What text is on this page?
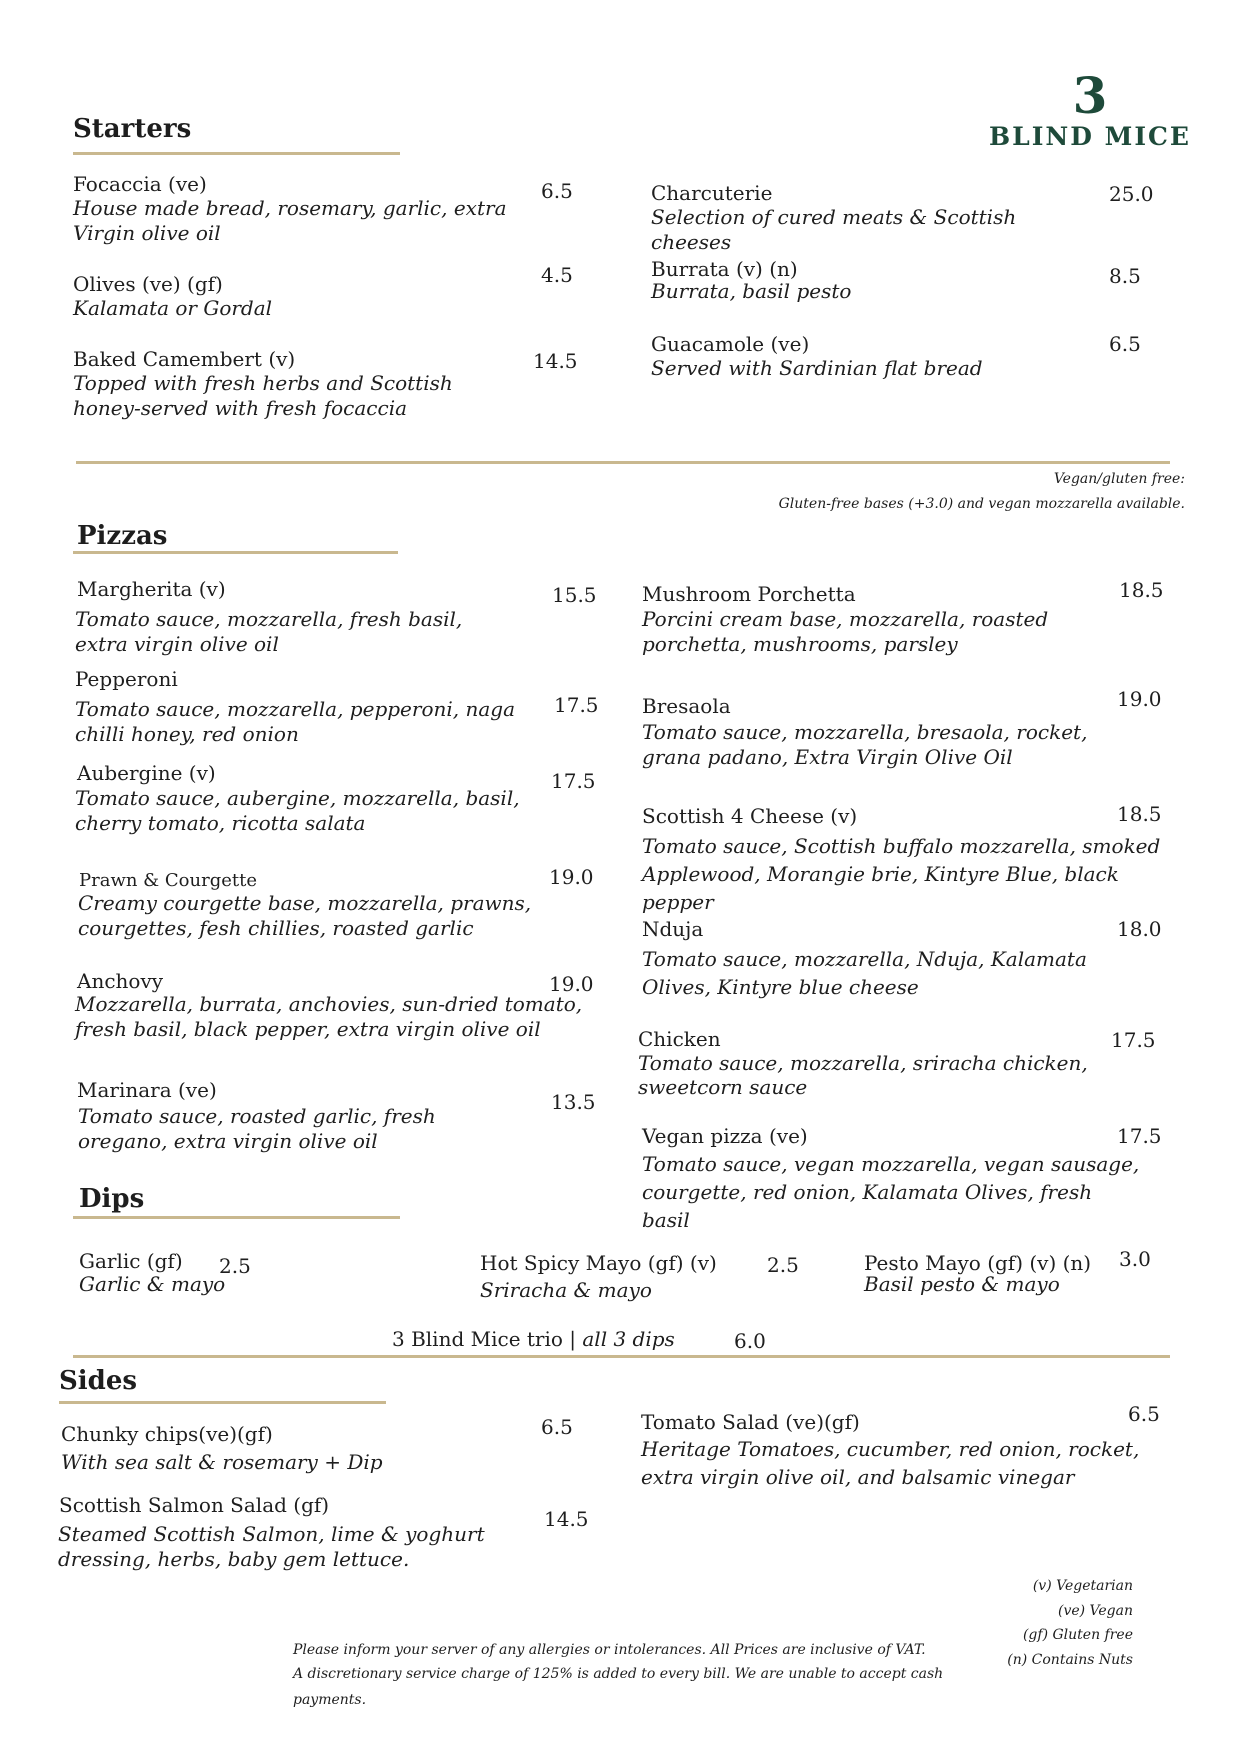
3
BLIND MICE
Starters
Focaccia (ve)
House made bread, rosemary, garlic, extra Virgin olive oil
6.5
Olives (ve) (gf)
Kalamata or Gordal
4.5
Baked Camembert (v)
Topped with fresh herbs and Scottish honey-served with fresh focaccia
14.5
Charcuterie
Selection of cured meats & Scottish cheeses
25.0
Burrata (v) (n)
Burrata, basil pesto
8.5
Guacamole (ve)
Served with Sardinian flat bread
6.5
Vegan/gluten free:
Gluten-free bases (+3.0) and vegan mozzarella available.
Pizzas
Margherita (v)
Tomato sauce, mozzarella, fresh basil, extra virgin olive oil
15.5
Pepperoni
Tomato sauce, mozzarella, pepperoni, naga chilli honey, red onion
17.5
Aubergine (v)
Tomato sauce, aubergine, mozzarella, basil, cherry tomato, ricotta salata
17.5
Prawn & Courgette
Creamy courgette base, mozzarella, prawns, courgettes, fesh chillies, roasted garlic
19.0
Anchovy
Mozzarella, burrata, anchovies, sun-dried tomato, fresh basil, black pepper, extra virgin olive oil
19.0
Marinara (ve)
Tomato sauce, roasted garlic, fresh oregano, extra virgin olive oil
13.5
Mushroom Porchetta
Porcini cream base, mozzarella, roasted porchetta, mushrooms, parsley
18.5
Bresaola
Tomato sauce, mozzarella, bresaola, rocket, grana padano, Extra Virgin Olive Oil
19.0
Scottish 4 Cheese (v)
Tomato sauce, Scottish buffalo mozzarella, smoked Applewood, Morangie brie, Kintyre Blue, black pepper
18.5
Nduja
Tomato sauce, mozzarella, Nduja, Kalamata Olives, Kintyre blue cheese
18.0
Chicken
Tomato sauce, mozzarella, sriracha chicken, sweetcorn sauce
17.5
Vegan pizza (ve)
Tomato sauce, vegan mozzarella, vegan sausage, courgette, red onion, Kalamata Olives, fresh basil
17.5
Dips
Garlic (gf)
Garlic & mayo
2.5	Hot Spicy Mayo (gf) (v)
Sriracha & mayo
2.5	Pesto Mayo (gf) (v) (n)
Basil pesto & mayo
3.0
3 Blind Mice trio | all 3 dips	6.0
Sides
Chunky chips(ve)(gf)
With sea salt & rosemary + Dip
6.5
Scottish Salmon Salad (gf)
Steamed Scottish Salmon, lime & yoghurt dressing, herbs, baby gem lettuce.
14.5
Tomato Salad (ve)(gf)
Heritage Tomatoes, cucumber, red onion, rocket, extra virgin olive oil, and balsamic vinegar
6.5
(v) Vegetarian
(ve) Vegan
(gf) Gluten free
(n) Contains Nuts
Please inform your server of any allergies or intolerances. All Prices are inclusive of VAT.
A discretionary service charge of 125% is added to every bill. We are unable to accept cash
payments.
